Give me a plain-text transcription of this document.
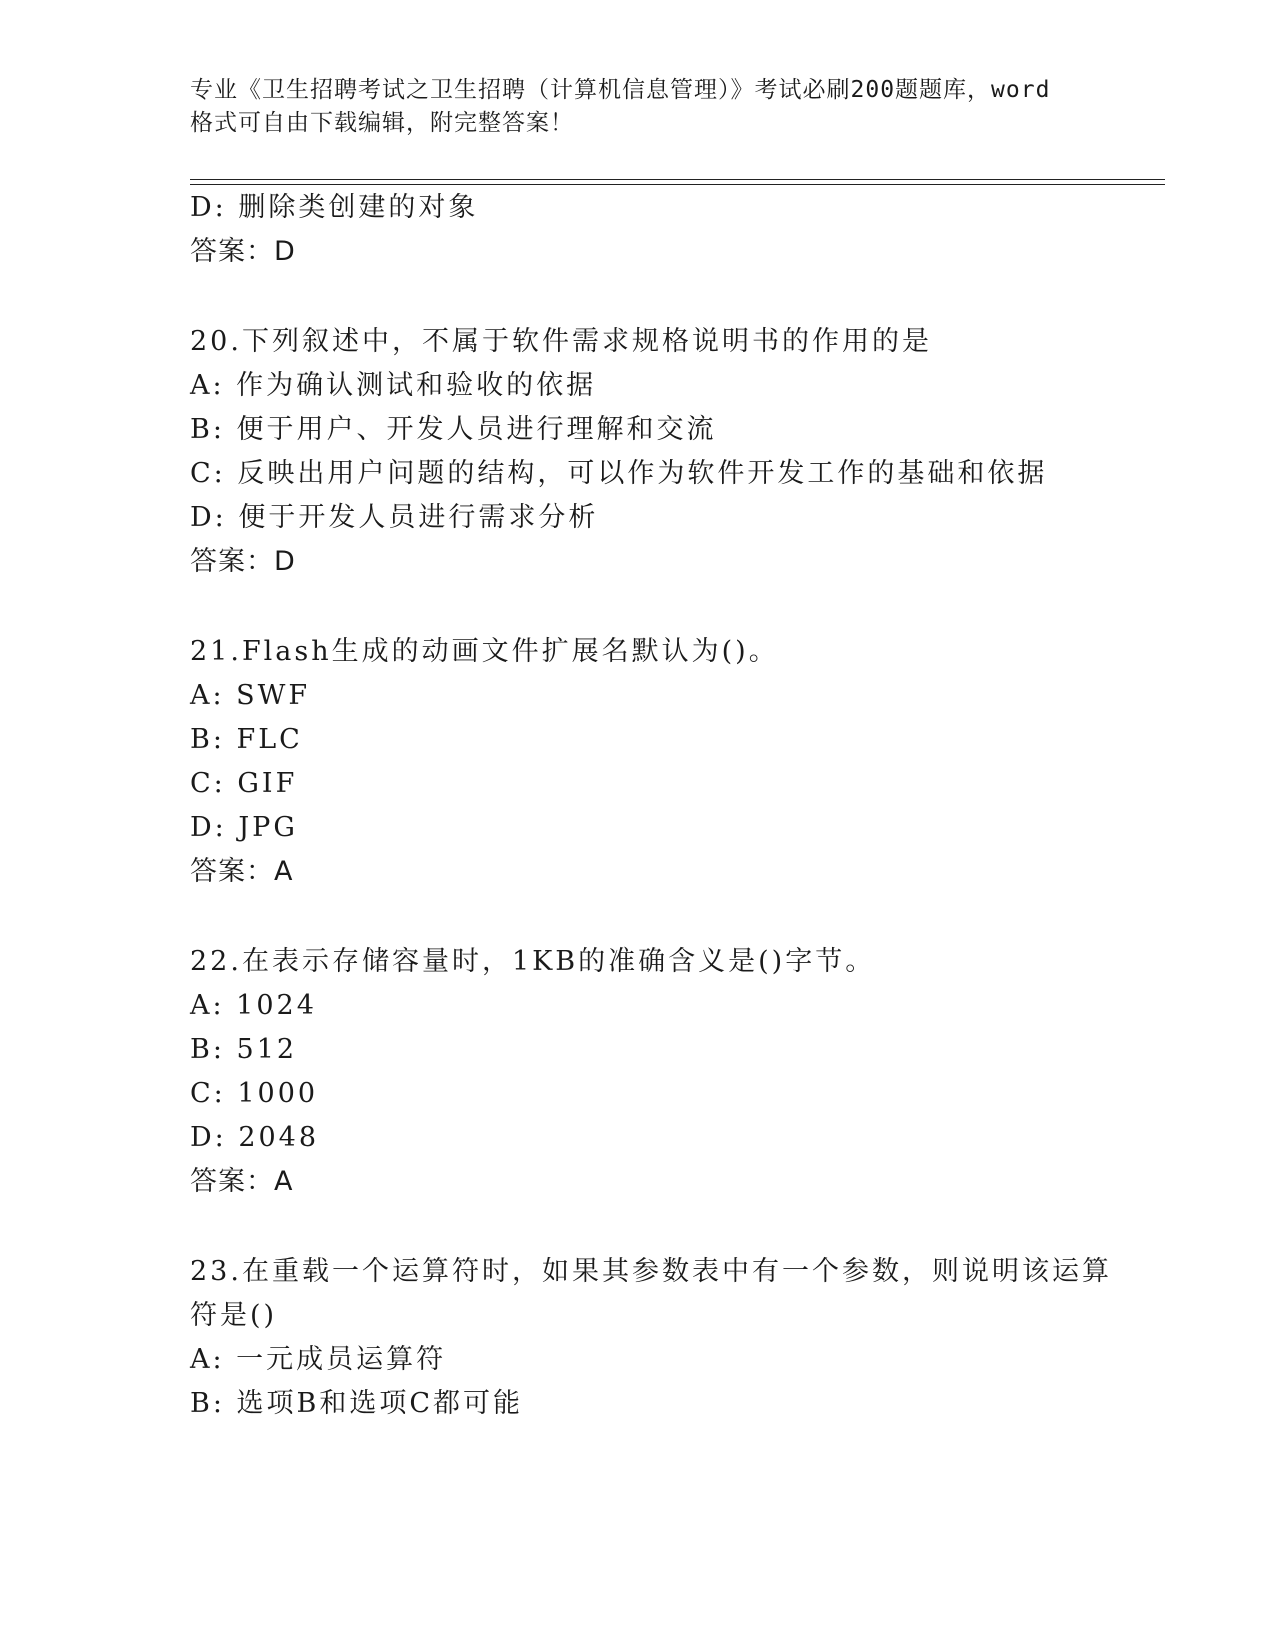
专业《卫生招聘考试之卫生招聘（计算机信息管理）》考试必刷200题题库，word
格式可自由下载编辑，附完整答案！
D: 删除类创建的对象
答案：D
20.下列叙述中，不属于软件需求规格说明书的作用的是
A: 作为确认测试和验收的依据
B: 便于用户、开发人员进行理解和交流
C: 反映出用户问题的结构，可以作为软件开发工作的基础和依据
D: 便于开发人员进行需求分析
答案：D
21.Flash生成的动画文件扩展名默认为()。
A: SWF
B: FLC
C: GIF
D: JPG
答案：A
22.在表示存储容量时，1KB的准确含义是()字节。
A: 1024
B: 512
C: 1000
D: 2048
答案：A
23.在重载一个运算符时，如果其参数表中有一个参数，则说明该运算
符是()
A: 一元成员运算符
B: 选项B和选项C都可能
